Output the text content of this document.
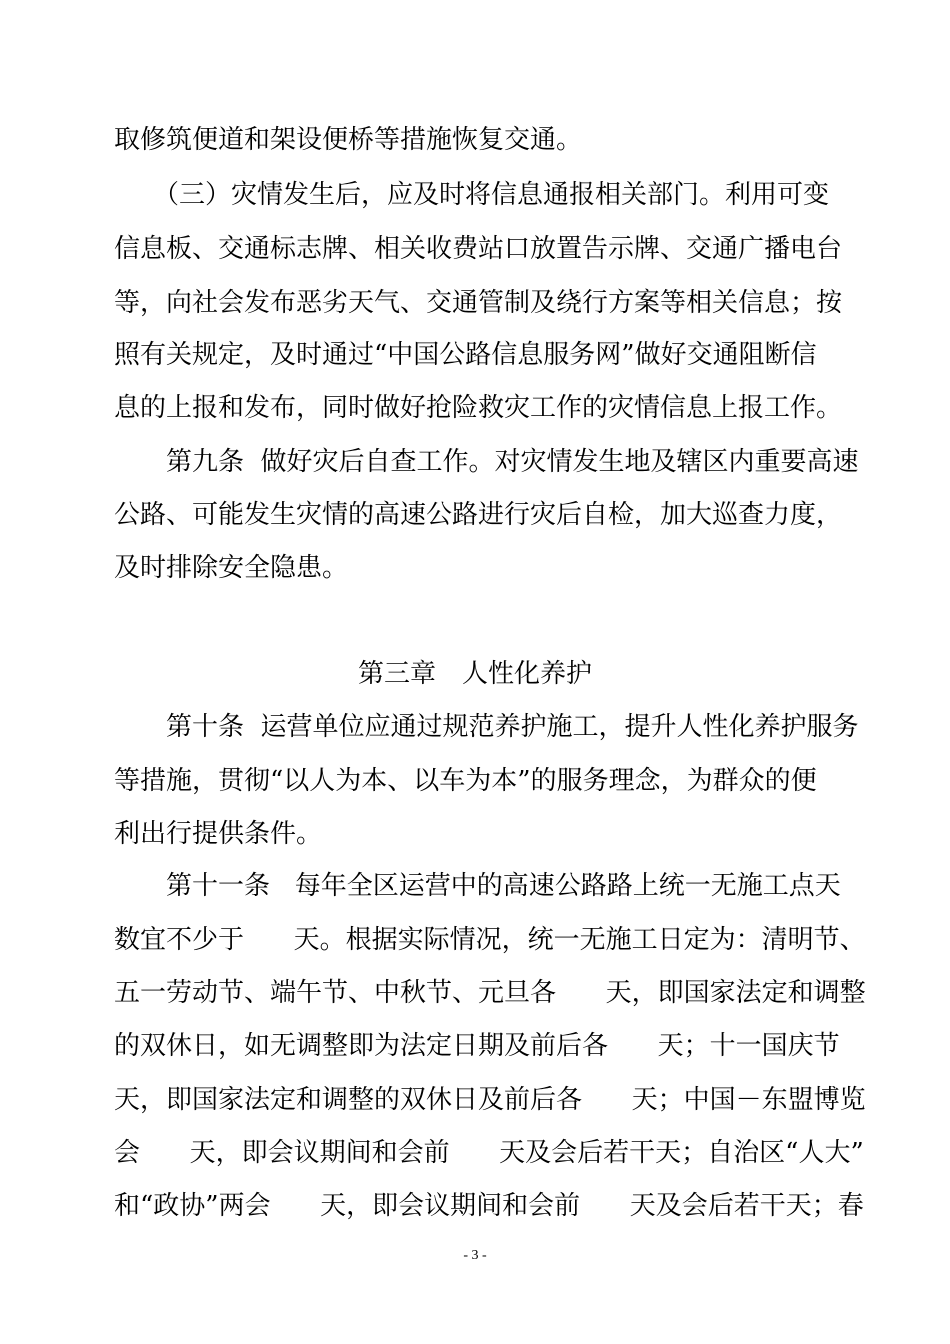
取修筑便道和架设便桥等措施恢复交通。

　　（三）灾情发生后，应及时将信息通报相关部门。利用可变

信息板、交通标志牌、相关收费站口放置告示牌、交通广播电台

等，向社会发布恶劣天气、交通管制及绕行方案等相关信息；按

照有关规定，及时通过“中国公路信息服务网”做好交通阻断信

息的上报和发布，同时做好抢险救灾工作的灾情信息上报工作。

　　第九条  做好灾后自查工作。对灾情发生地及辖区内重要高速

公路、可能发生灾情的高速公路进行灾后自检，加大巡查力度，

及时排除安全隐患。

第三章　人性化养护

　　第十条  运营单位应通过规范养护施工，提升人性化养护服务

等措施，贯彻“以人为本、以车为本”的服务理念，为群众的便

利出行提供条件。

　　第十一条   每年全区运营中的高速公路路上统一无施工点天

数宜不少于      天。根据实际情况，统一无施工日定为：清明节、

五一劳动节、端午节、中秋节、元旦各      天，即国家法定和调整

的双休日，如无调整即为法定日期及前后各      天；十一国庆节

天，即国家法定和调整的双休日及前后各      天；中国－东盟博览

会      天，即会议期间和会前      天及会后若干天；自治区“人大”

和“政协”两会      天，即会议期间和会前      天及会后若干天；春

- 3 -
